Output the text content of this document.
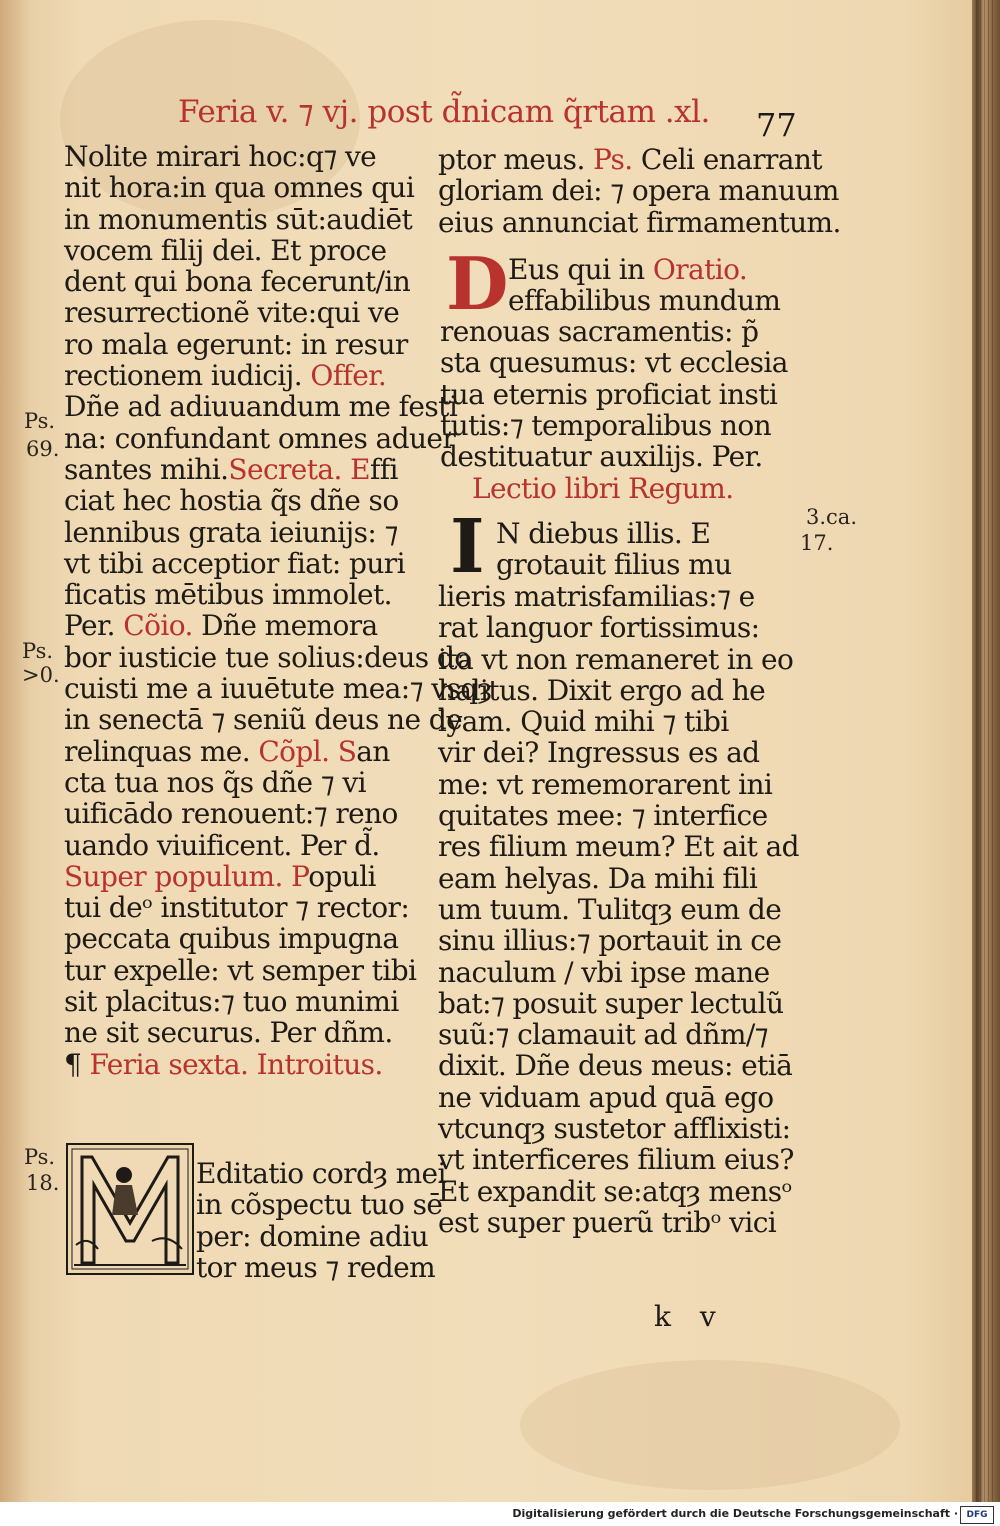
Feria v. ⁊ vj. post d̃nicam q̃rtam .xl.	77
Nolite mirari hoc:q⁊ ve
nit hora:in qua omnes qui
in monumentis sūt:audiēt
vocem filij dei. Et proce
dent qui bona fecerunt/in
resurrectionẽ vite:qui ve
ro mala egerunt: in resur
rectionem iudicij. Offer.
Dñe ad adiuuandum me festi
na: confundant omnes aduer
santes mihi.Secreta. Effi
ciat hec hostia q̃s dñe so
lennibus grata ieiunijs: ⁊
vt tibi acceptior fiat: puri
ficatis mētibus immolet.
Per. Cõio. Dñe memora
bor iusticie tue solius:deus do
cuisti me a iuuētute mea:⁊ vsqȝ
in senectā ⁊ seniũ deus ne de
relinquas me. Cõpl. San
cta tua nos q̃s dñe ⁊ vi
uificādo renouent:⁊ reno
uando viuificent. Per d̃.
Super populum. Populi
tui deᵒ institutor ⁊ rector:
peccata quibus impugna
tur expelle: vt semper tibi
sit placitus:⁊ tuo munimi
ne sit securus. Per dñm.
¶ Feria sexta. Introitus.
Editatio cordȝ mei
in cõspectu tuo sē
per: domine adiu
tor meus ⁊ redem
Ps.
69.
Ps.
>0.
Ps.
18.
ptor meus. Ps. Celi enarrant
gloriam dei: ⁊ opera manuum
eius annunciat firmamentum.
D Eus qui in Oratio.
effabilibus mundum
renouas sacramentis: p̃
sta quesumus: vt ecclesia
tua eternis proficiat insti
tutis:⁊ temporalibus non
destituatur auxilijs. Per.
Lectio libri Regum.
I N diebus illis. E
grotauit filius mu
lieris matrisfamilias:⁊ e
rat languor fortissimus:
ita vt non remaneret in eo
halitus. Dixit ergo ad he
lyam. Quid mihi ⁊ tibi
vir dei? Ingressus es ad
me: vt rememorarent ini
quitates mee: ⁊ interfice
res filium meum? Et ait ad
eam helyas. Da mihi fili
um tuum. Tulitqȝ eum de
sinu illius:⁊ portauit in ce
naculum / vbi ipse mane
bat:⁊ posuit super lectulũ
suũ:⁊ clamauit ad dñm/⁊
dixit. Dñe deus meus: etiā
ne viduam apud quā ego
vtcunqȝ sustetor afflixisti:
vt interficeres filium eius?
Et expandit se:atqȝ mensᵒ
est super puerũ tribᵒ vici
3.ca.
17.
k v
Digitalisierung gefördert durch die Deutsche Forschungsgemeinschaft · DFG
